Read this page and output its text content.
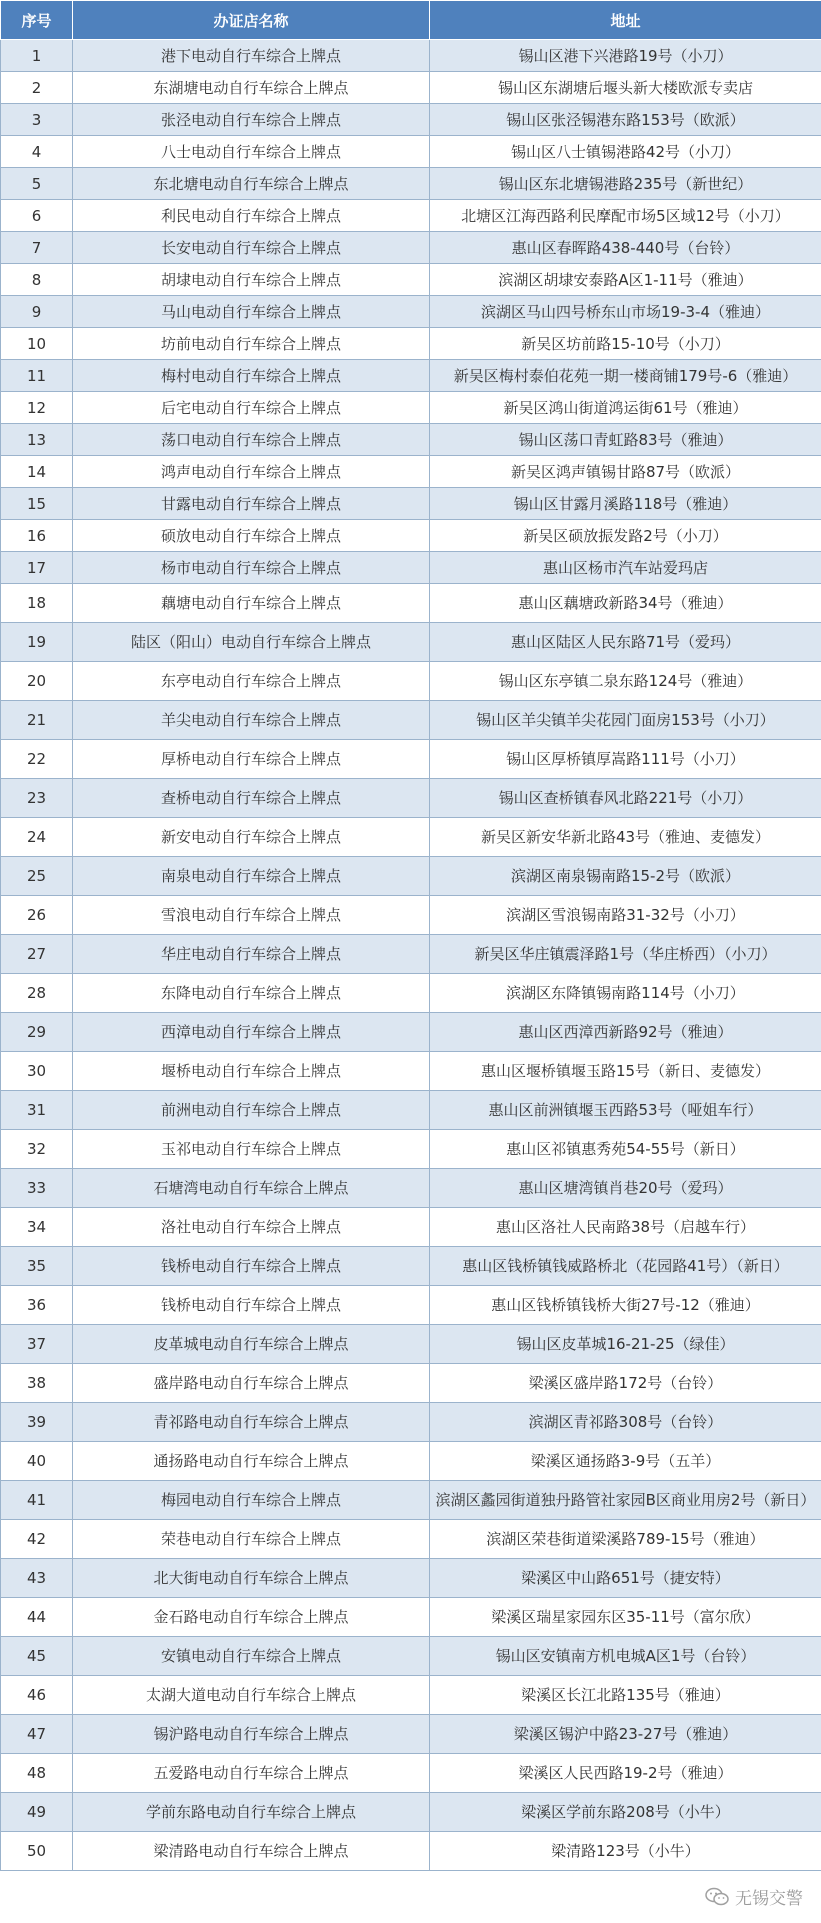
序号	办证店名称	地址
1	港下电动自行车综合上牌点	锡山区港下兴港路19号（小刀）
2	东湖塘电动自行车综合上牌点	锡山区东湖塘后堰头新大楼欧派专卖店
3	张泾电动自行车综合上牌点	锡山区张泾锡港东路153号（欧派）
4	八士电动自行车综合上牌点	锡山区八士镇锡港路42号（小刀）
5	东北塘电动自行车综合上牌点	锡山区东北塘锡港路235号（新世纪）
6	利民电动自行车综合上牌点	北塘区江海西路利民摩配市场5区域12号（小刀）
7	长安电动自行车综合上牌点	惠山区春晖路438-440号（台铃）
8	胡埭电动自行车综合上牌点	滨湖区胡埭安泰路A区1-11号（雅迪）
9	马山电动自行车综合上牌点	滨湖区马山四号桥东山市场19-3-4（雅迪）
10	坊前电动自行车综合上牌点	新吴区坊前路15-10号（小刀）
11	梅村电动自行车综合上牌点	新吴区梅村泰伯花苑一期一楼商铺179号-6（雅迪）
12	后宅电动自行车综合上牌点	新吴区鸿山街道鸿运街61号（雅迪）
13	荡口电动自行车综合上牌点	锡山区荡口青虹路83号（雅迪）
14	鸿声电动自行车综合上牌点	新吴区鸿声镇锡甘路87号（欧派）
15	甘露电动自行车综合上牌点	锡山区甘露月溪路118号（雅迪）
16	硕放电动自行车综合上牌点	新吴区硕放振发路2号（小刀）
17	杨市电动自行车综合上牌点	惠山区杨市汽车站爱玛店
18	藕塘电动自行车综合上牌点	惠山区藕塘政新路34号（雅迪）
19	陆区（阳山）电动自行车综合上牌点	惠山区陆区人民东路71号（爱玛）
20	东亭电动自行车综合上牌点	锡山区东亭镇二泉东路124号（雅迪）
21	羊尖电动自行车综合上牌点	锡山区羊尖镇羊尖花园门面房153号（小刀）
22	厚桥电动自行车综合上牌点	锡山区厚桥镇厚嵩路111号（小刀）
23	查桥电动自行车综合上牌点	锡山区查桥镇春风北路221号（小刀）
24	新安电动自行车综合上牌点	新吴区新安华新北路43号（雅迪、麦德发）
25	南泉电动自行车综合上牌点	滨湖区南泉锡南路15-2号（欧派）
26	雪浪电动自行车综合上牌点	滨湖区雪浪锡南路31-32号（小刀）
27	华庄电动自行车综合上牌点	新吴区华庄镇震泽路1号（华庄桥西）（小刀）
28	东降电动自行车综合上牌点	滨湖区东降镇锡南路114号（小刀）
29	西漳电动自行车综合上牌点	惠山区西漳西新路92号（雅迪）
30	堰桥电动自行车综合上牌点	惠山区堰桥镇堰玉路15号（新日、麦德发）
31	前洲电动自行车综合上牌点	惠山区前洲镇堰玉西路53号（哑姐车行）
32	玉祁电动自行车综合上牌点	惠山区祁镇惠秀苑54-55号（新日）
33	石塘湾电动自行车综合上牌点	惠山区塘湾镇肖巷20号（爱玛）
34	洛社电动自行车综合上牌点	惠山区洛社人民南路38号（启越车行）
35	钱桥电动自行车综合上牌点	惠山区钱桥镇钱威路桥北（花园路41号）（新日）
36	钱桥电动自行车综合上牌点	惠山区钱桥镇钱桥大街27号-12（雅迪）
37	皮革城电动自行车综合上牌点	锡山区皮革城16-21-25（绿佳）
38	盛岸路电动自行车综合上牌点	梁溪区盛岸路172号（台铃）
39	青祁路电动自行车综合上牌点	滨湖区青祁路308号（台铃）
40	通扬路电动自行车综合上牌点	梁溪区通扬路3-9号（五羊）
41	梅园电动自行车综合上牌点	滨湖区蠡园街道独丹路管社家园B区商业用房2号（新日）
42	荣巷电动自行车综合上牌点	滨湖区荣巷街道梁溪路789-15号（雅迪）
43	北大街电动自行车综合上牌点	梁溪区中山路651号（捷安特）
44	金石路电动自行车综合上牌点	梁溪区瑞星家园东区35-11号（富尔欣）
45	安镇电动自行车综合上牌点	锡山区安镇南方机电城A区1号（台铃）
46	太湖大道电动自行车综合上牌点	梁溪区长江北路135号（雅迪）
47	锡沪路电动自行车综合上牌点	梁溪区锡沪中路23-27号（雅迪）
48	五爱路电动自行车综合上牌点	梁溪区人民西路19-2号（雅迪）
49	学前东路电动自行车综合上牌点	梁溪区学前东路208号（小牛）
50	梁清路电动自行车综合上牌点	梁清路123号（小牛）
无锡交警
